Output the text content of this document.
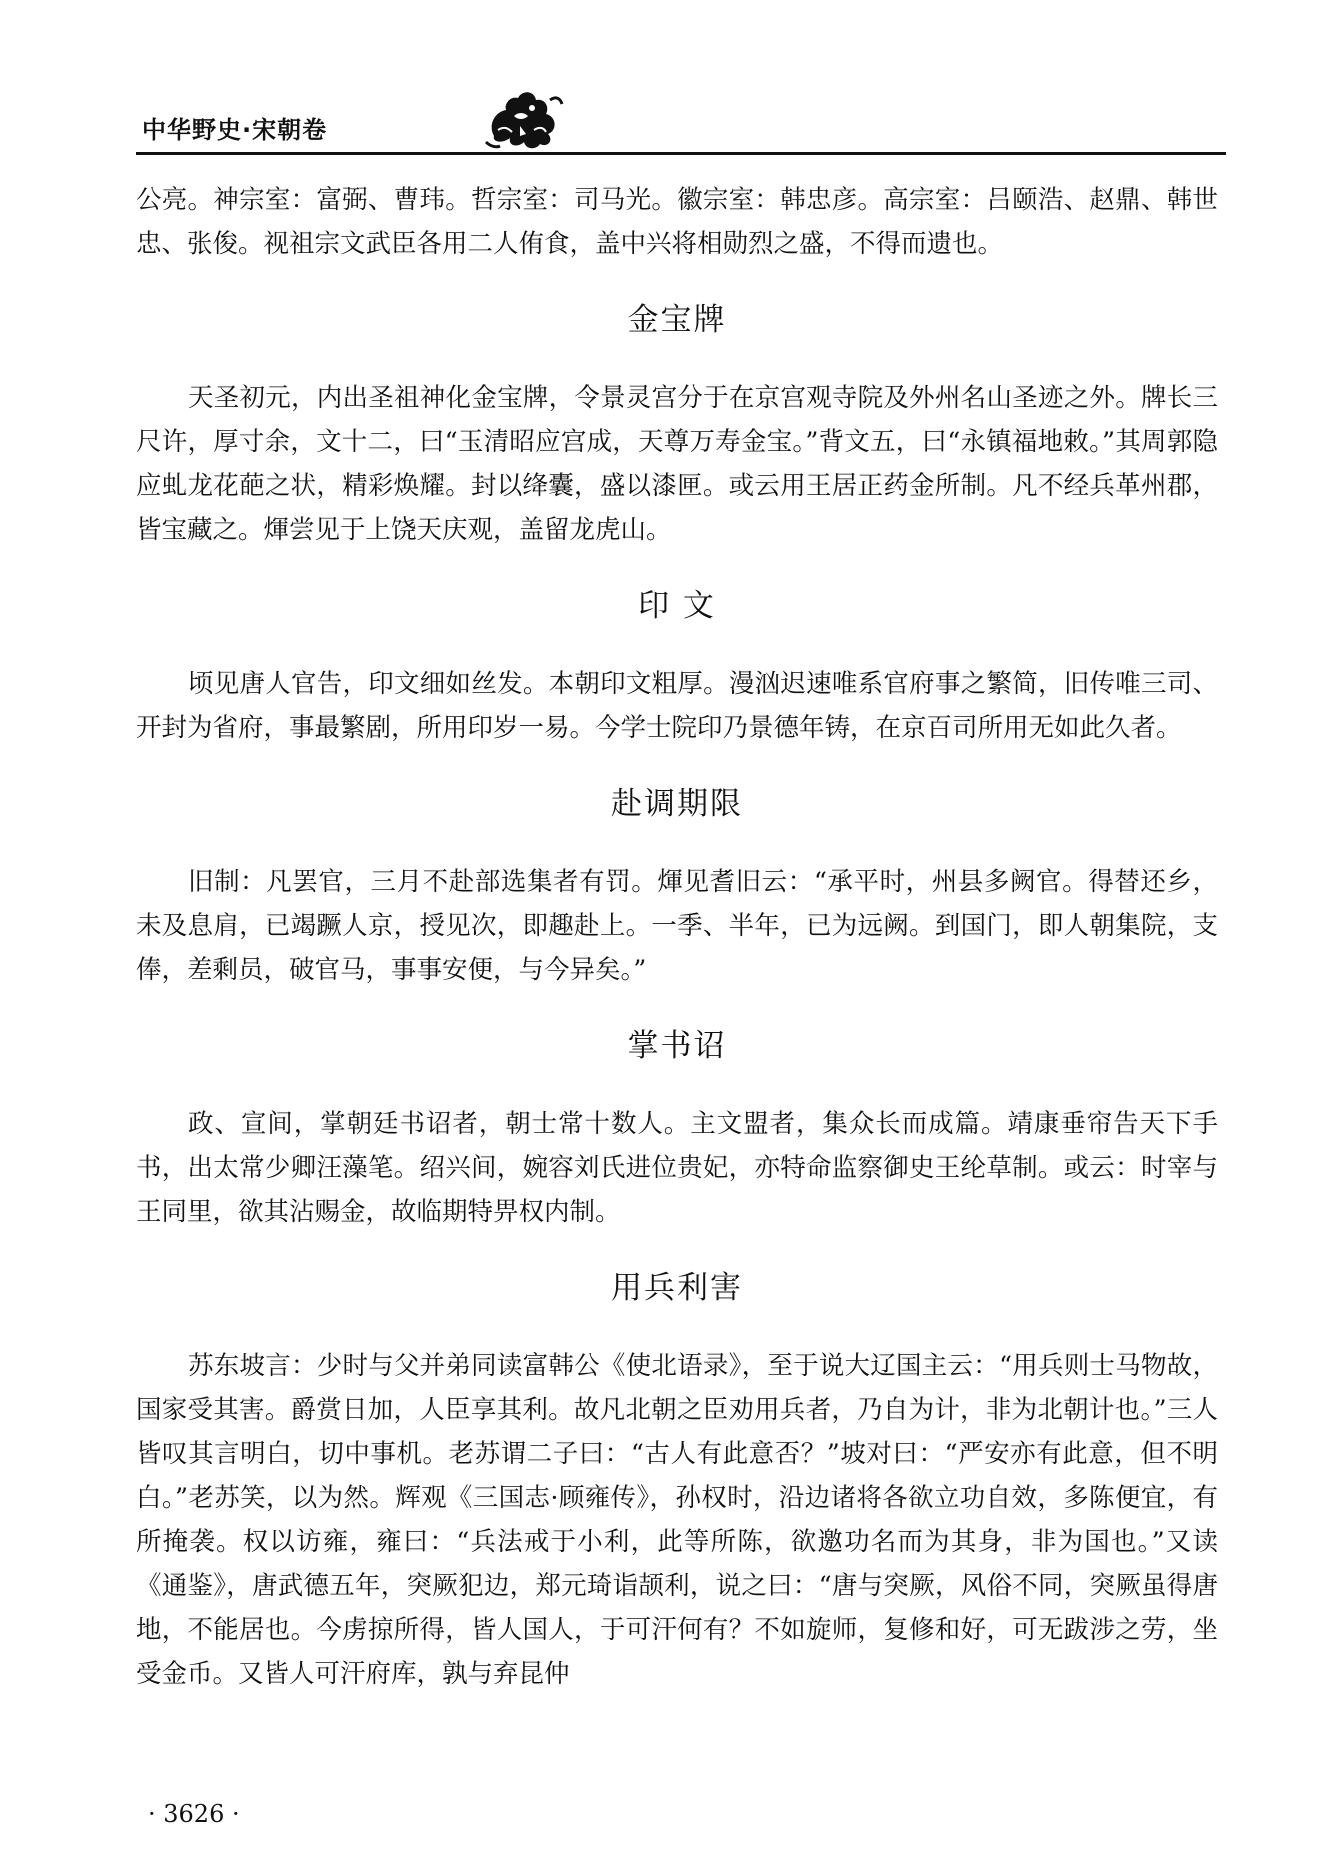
中华野史·宋朝卷

公亮。神宗室：富弼、曹玮。哲宗室：司马光。徽宗室：韩忠彦。高宗室：吕颐浩、赵鼎、韩世忠、张俊。视祖宗文武臣各用二人侑食，盖中兴将相勋烈之盛，不得而遗也。

金宝牌

天圣初元，内出圣祖神化金宝牌，令景灵宫分于在京宫观寺院及外州名山圣迹之外。牌长三尺许，厚寸余，文十二，曰“玉清昭应宫成，天尊万寿金宝。”背文五，曰“永镇福地敕。”其周郭隐应虬龙花葩之状，精彩焕耀。封以绛囊，盛以漆匣。或云用王居正药金所制。凡不经兵革州郡，皆宝藏之。煇尝见于上饶天庆观，盖留龙虎山。

印 文

顷见唐人官告，印文细如丝发。本朝印文粗厚。漫汹迟速唯系官府事之繁简，旧传唯三司、开封为省府，事最繁剧，所用印岁一易。今学士院印乃景德年铸，在京百司所用无如此久者。

赴调期限

旧制：凡罢官，三月不赴部选集者有罚。煇见耆旧云：“承平时，州县多阙官。得替还乡，未及息肩，已竭蹶人京，授见次，即趣赴上。一季、半年，已为远阙。到国门，即人朝集院，支俸，差剩员，破官马，事事安便，与今异矣。”

掌书诏

政、宣间，掌朝廷书诏者，朝士常十数人。主文盟者，集众长而成篇。靖康垂帘告天下手书，出太常少卿汪藻笔。绍兴间，婉容刘氏进位贵妃，亦特命监察御史王纶草制。或云：时宰与王同里，欲其沾赐金，故临期特畀权内制。

用兵利害

苏东坡言：少时与父并弟同读富韩公《使北语录》，至于说大辽国主云：“用兵则士马物故，国家受其害。爵赏日加，人臣享其利。故凡北朝之臣劝用兵者，乃自为计，非为北朝计也。”三人皆叹其言明白，切中事机。老苏谓二子曰：“古人有此意否？”坡对曰：“严安亦有此意，但不明白。”老苏笑，以为然。辉观《三国志·顾雍传》，孙权时，沿边诸将各欲立功自效，多陈便宜，有所掩袭。权以访雍，雍曰：“兵法戒于小利，此等所陈，欲邀功名而为其身，非为国也。”又读《通鉴》，唐武德五年，突厥犯边，郑元琦诣颉利，说之曰：“唐与突厥，风俗不同，突厥虽得唐地，不能居也。今虏掠所得，皆人国人，于可汗何有？不如旋师，复修和好，可无跋涉之劳，坐受金币。又皆人可汗府库，孰与弃昆仲

· 3626 ·
